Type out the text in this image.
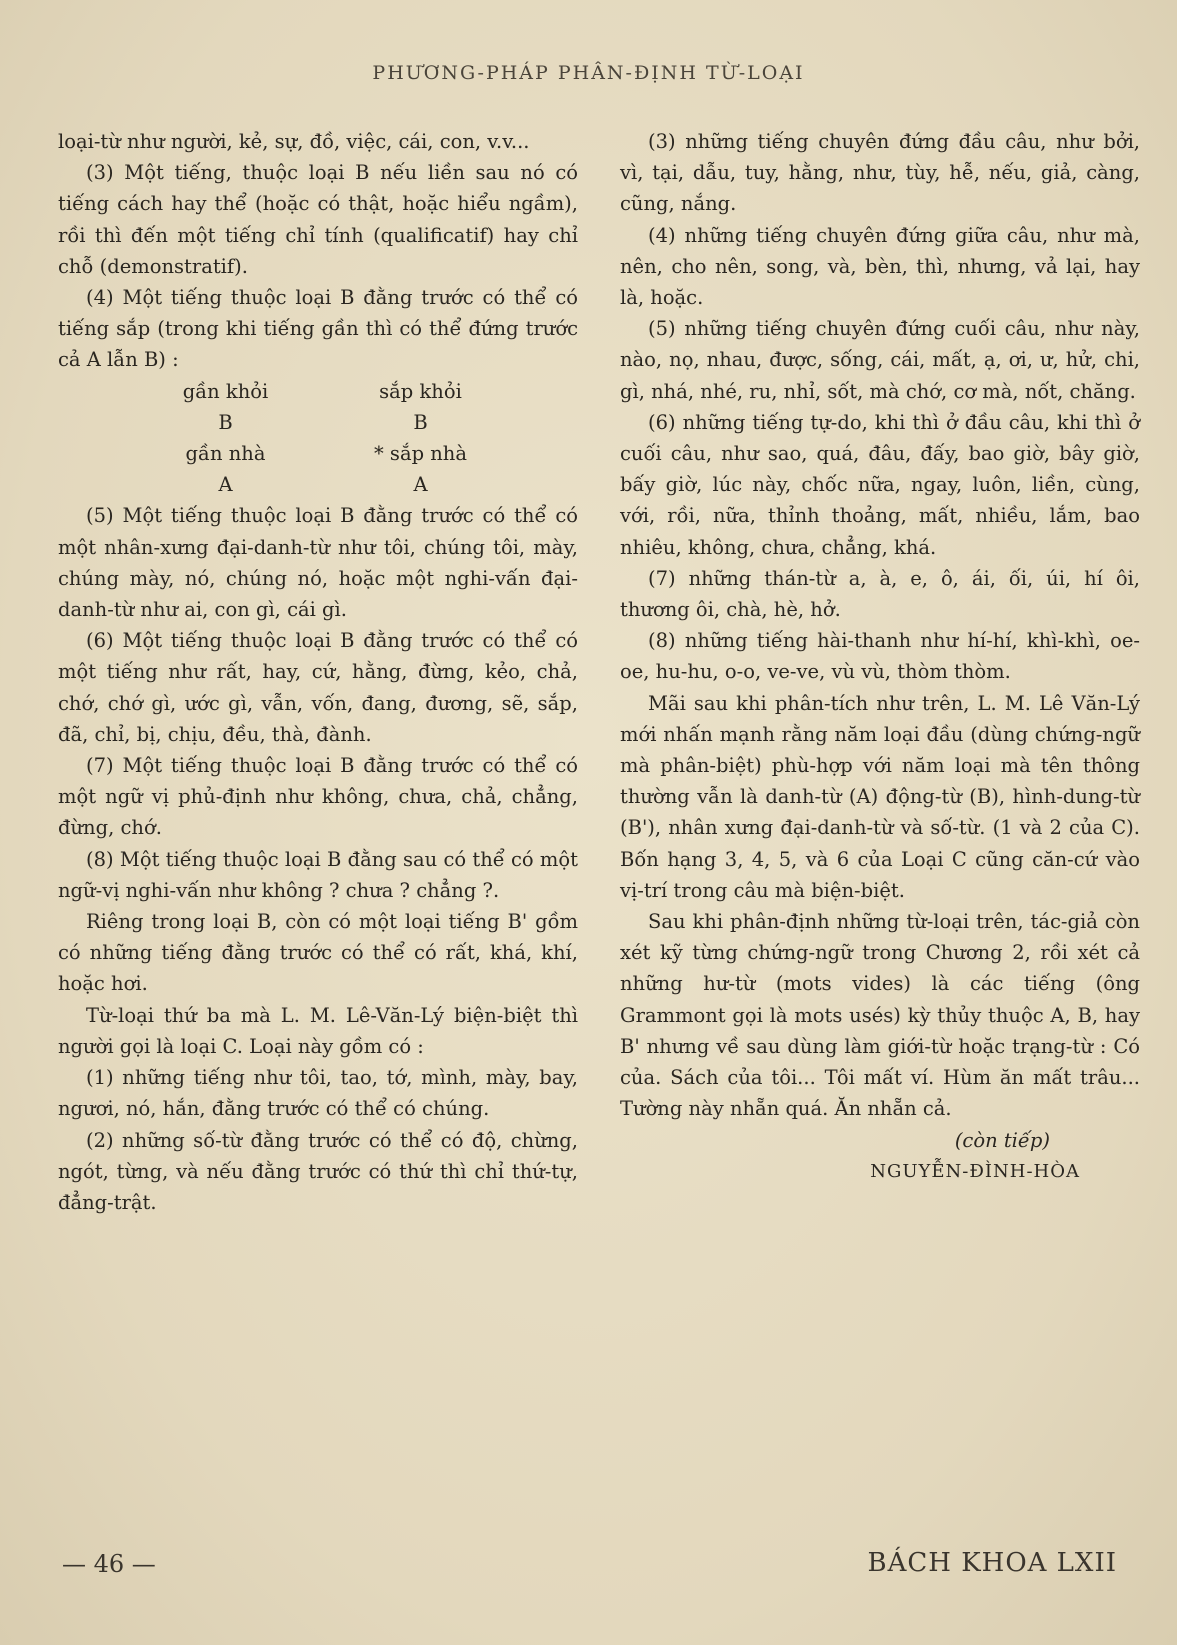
PHƯƠNG-PHÁP PHÂN-ĐỊNH TỪ-LOẠI

loại-từ như người, kẻ, sự, đồ, việc, cái, con, v.v...

(3) Một tiếng, thuộc loại B nếu liền sau nó có tiếng cách hay thể (hoặc có thật, hoặc hiểu ngầm), rồi thì đến một tiếng chỉ tính (qualificatif) hay chỉ chỗ (demonstratif).

(4) Một tiếng thuộc loại B đằng trước có thể có tiếng sắp (trong khi tiếng gần thì có thể đứng trước cả A lẫn B) :

gần khỏi	sắp khỏi
B	B
gần nhà	* sắp nhà
A	A

(5) Một tiếng thuộc loại B đằng trước có thể có một nhân-xưng đại-danh-từ như tôi, chúng tôi, mày, chúng mày, nó, chúng nó, hoặc một nghi-vấn đại-danh-từ như ai, con gì, cái gì.

(6) Một tiếng thuộc loại B đằng trước có thể có một tiếng như rất, hay, cứ, hằng, đừng, kẻo, chả, chớ, chớ gì, ước gì, vẫn, vốn, đang, đương, sẽ, sắp, đã, chỉ, bị, chịu, đều, thà, đành.

(7) Một tiếng thuộc loại B đằng trước có thể có một ngữ vị phủ-định như không, chưa, chả, chẳng, đừng, chớ.

(8) Một tiếng thuộc loại B đằng sau có thể có một ngữ-vị nghi-vấn như không ? chưa ? chẳng ?.

Riêng trong loại B, còn có một loại tiếng B' gồm có những tiếng đằng trước có thể có rất, khá, khí, hoặc hơi.

Từ-loại thứ ba mà L. M. Lê-Văn-Lý biện-biệt thì người gọi là loại C. Loại này gồm có :

(1) những tiếng như tôi, tao, tớ, mình, mày, bay, ngươi, nó, hắn, đằng trước có thể có chúng.

(2) những số-từ đằng trước có thể có độ, chừng, ngót, từng, và nếu đằng trước có thứ thì chỉ thứ-tự, đẳng-trật.

(3) những tiếng chuyên đứng đầu câu, như bởi, vì, tại, dẫu, tuy, hằng, như, tùy, hễ, nếu, giả, càng, cũng, nắng.

(4) những tiếng chuyên đứng giữa câu, như mà, nên, cho nên, song, và, bèn, thì, nhưng, vả lại, hay là, hoặc.

(5) những tiếng chuyên đứng cuối câu, như này, nào, nọ, nhau, được, sống, cái, mất, ạ, ơi, ư, hử, chi, gì, nhá, nhé, ru, nhỉ, sốt, mà chớ, cơ mà, nốt, chăng.

(6) những tiếng tự-do, khi thì ở đầu câu, khi thì ở cuối câu, như sao, quá, đâu, đấy, bao giờ, bây giờ, bấy giờ, lúc này, chốc nữa, ngay, luôn, liền, cùng, với, rồi, nữa, thỉnh thoảng, mất, nhiều, lắm, bao nhiêu, không, chưa, chẳng, khá.

(7) những thán-từ a, à, e, ô, ái, ối, úi, hí ôi, thương ôi, chà, hè, hở.

(8) những tiếng hài-thanh như hí-hí, khì-khì, oe-oe, hu-hu, o-o, ve-ve, vù vù, thòm thòm.

Mãi sau khi phân-tích như trên, L. M. Lê Văn-Lý mới nhấn mạnh rằng năm loại đầu (dùng chứng-ngữ mà phân-biệt) phù-hợp với năm loại mà tên thông thường vẫn là danh-từ (A) động-từ (B), hình-dung-từ (B'), nhân xưng đại-danh-từ và số-từ. (1 và 2 của C). Bốn hạng 3, 4, 5, và 6 của Loại C cũng căn-cứ vào vị-trí trong câu mà biện-biệt.

Sau khi phân-định những từ-loại trên, tác-giả còn xét kỹ từng chứng-ngữ trong Chương 2, rồi xét cả những hư-từ (mots vides) là các tiếng (ông Grammont gọi là mots usés) kỳ thủy thuộc A, B, hay B' nhưng về sau dùng làm giới-từ hoặc trạng-từ : Có của. Sách của tôi... Tôi mất ví. Hùm ăn mất trâu... Tường này nhẵn quá. Ăn nhẵn cả.

(còn tiếp)

NGUYỄN-ĐÌNH-HÒA

— 46 —	BÁCH KHOA LXII
